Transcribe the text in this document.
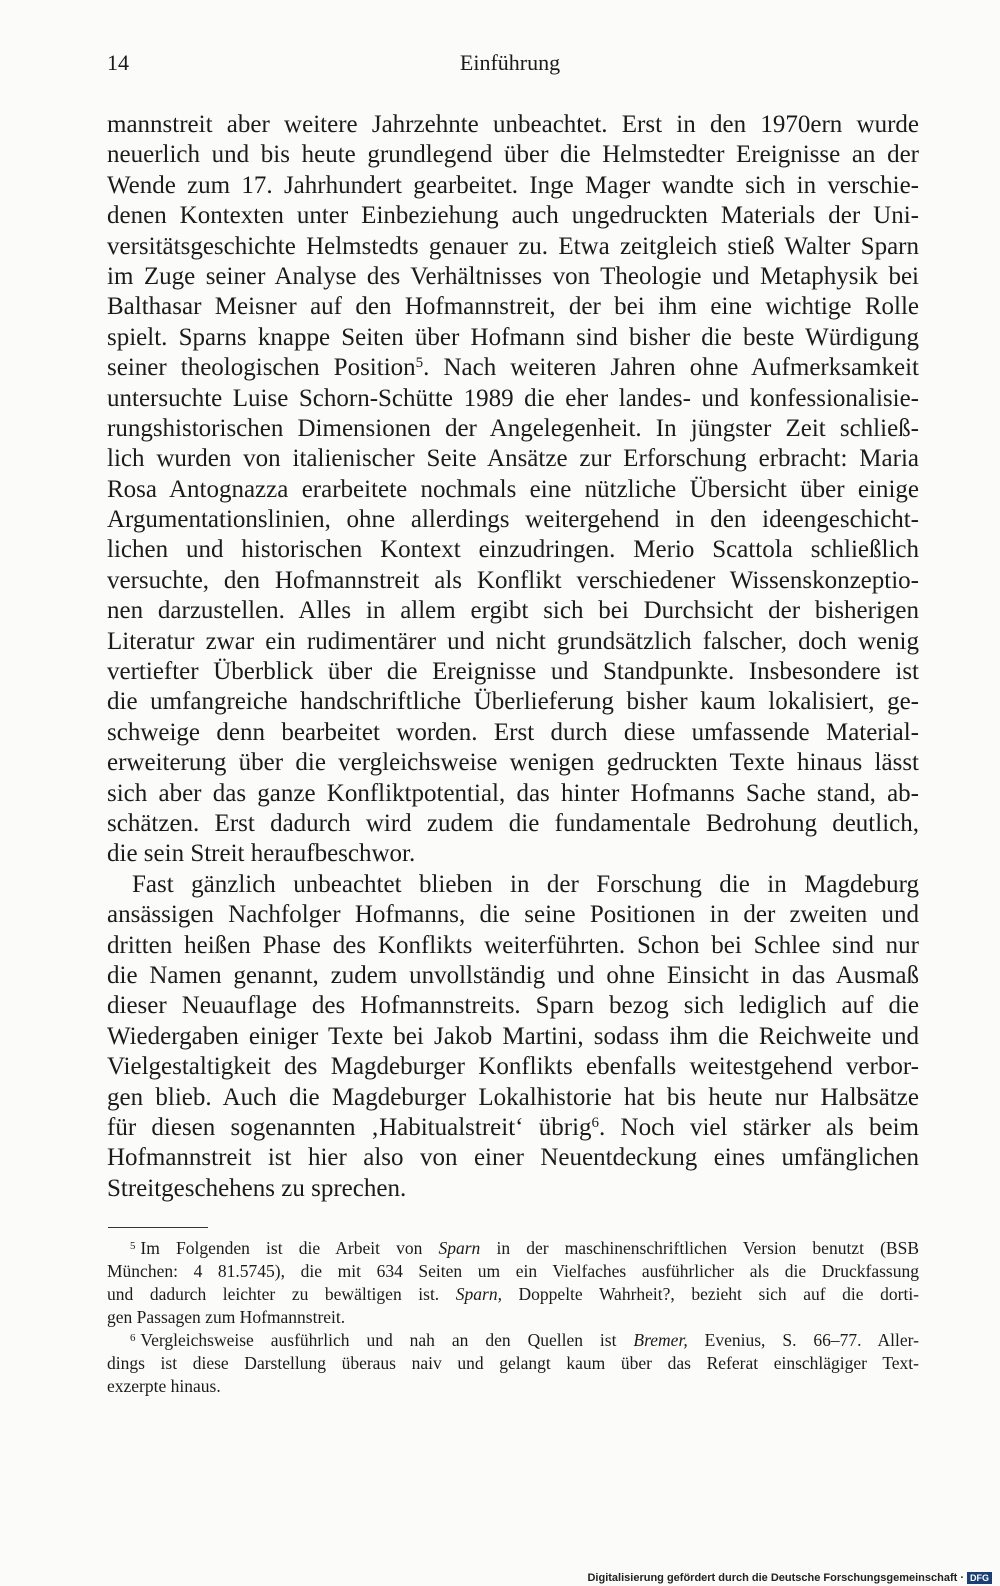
14	Einführung
mannstreit aber weitere Jahrzehnte unbeachtet. Erst in den 1970ern wurde
neuerlich und bis heute grundlegend über die Helmstedter Ereignisse an der
Wende zum 17. Jahrhundert gearbeitet. Inge Mager wandte sich in verschie-
denen Kontexten unter Einbeziehung auch ungedruckten Materials der Uni-
versitätsgeschichte Helmstedts genauer zu. Etwa zeitgleich stieß Walter Sparn
im Zuge seiner Analyse des Verhältnisses von Theologie und Metaphysik bei
Balthasar Meisner auf den Hofmannstreit, der bei ihm eine wichtige Rolle
spielt. Sparns knappe Seiten über Hofmann sind bisher die beste Würdigung
seiner theologischen Position$^5$. Nach weiteren Jahren ohne Aufmerksamkeit
untersuchte Luise Schorn-Schütte 1989 die eher landes- und konfessionalisie-
rungshistorischen Dimensionen der Angelegenheit. In jüngster Zeit schließ-
lich wurden von italienischer Seite Ansätze zur Erforschung erbracht: Maria
Rosa Antognazza erarbeitete nochmals eine nützliche Übersicht über einige
Argumentationslinien, ohne allerdings weitergehend in den ideengeschicht-
lichen und historischen Kontext einzudringen. Merio Scattola schließlich
versuchte, den Hofmannstreit als Konflikt verschiedener Wissenskonzeptio-
nen darzustellen. Alles in allem ergibt sich bei Durchsicht der bisherigen
Literatur zwar ein rudimentärer und nicht grundsätzlich falscher, doch wenig
vertiefter Überblick über die Ereignisse und Standpunkte. Insbesondere ist
die umfangreiche handschriftliche Überlieferung bisher kaum lokalisiert, ge-
schweige denn bearbeitet worden. Erst durch diese umfassende Material-
erweiterung über die vergleichsweise wenigen gedruckten Texte hinaus lässt
sich aber das ganze Konfliktpotential, das hinter Hofmanns Sache stand, ab-
schätzen. Erst dadurch wird zudem die fundamentale Bedrohung deutlich,
die sein Streit heraufbeschwor.
Fast gänzlich unbeachtet blieben in der Forschung die in Magdeburg
ansässigen Nachfolger Hofmanns, die seine Positionen in der zweiten und
dritten heißen Phase des Konflikts weiterführten. Schon bei Schlee sind nur
die Namen genannt, zudem unvollständig und ohne Einsicht in das Ausmaß
dieser Neuauflage des Hofmannstreits. Sparn bezog sich lediglich auf die
Wiedergaben einiger Texte bei Jakob Martini, sodass ihm die Reichweite und
Vielgestaltigkeit des Magdeburger Konflikts ebenfalls weitestgehend verbor-
gen blieb. Auch die Magdeburger Lokalhistorie hat bis heute nur Halbsätze
für diesen sogenannten ‚Habitualstreit‘ übrig$^6$. Noch viel stärker als beim
Hofmannstreit ist hier also von einer Neuentdeckung eines umfänglichen
Streitgeschehens zu sprechen.
$^5$ Im Folgenden ist die Arbeit von Sparn in der maschinenschriftlichen Version benutzt (BSB
München: 4 81.5745), die mit 634 Seiten um ein Vielfaches ausführlicher als die Druckfassung
und dadurch leichter zu bewältigen ist. Sparn, Doppelte Wahrheit?, bezieht sich auf die dorti-
gen Passagen zum Hofmannstreit.
$^6$ Vergleichsweise ausführlich und nah an den Quellen ist Bremer, Evenius, S. 66–77. Aller-
dings ist diese Darstellung überaus naiv und gelangt kaum über das Referat einschlägiger Text-
exzerpte hinaus.
Digitalisierung gefördert durch die Deutsche Forschungsgemeinschaft · DFG
